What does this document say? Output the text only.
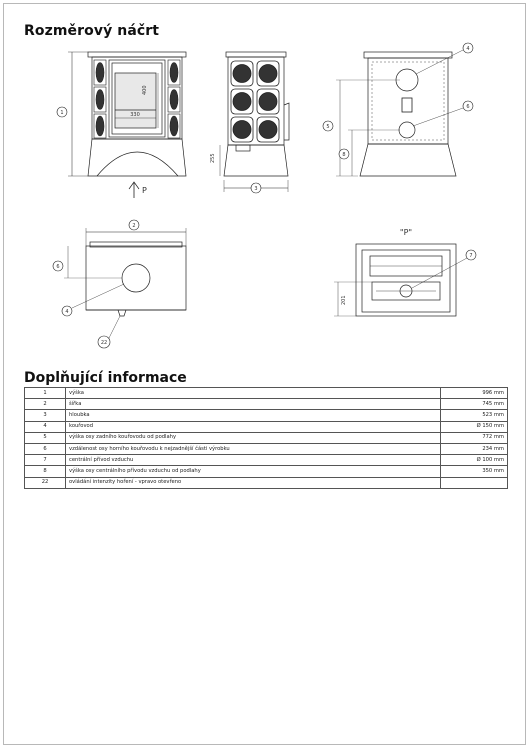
Rozměrový náčrt
1	330
400
P
255
3
4
6
5
8
2
6
4
22
"P"
201
7
Doplňující informace
1	výška	996 mm
2	šířka	745 mm
3	hloubka	523 mm
4	kouřovod	Ø 150 mm
5	výška osy zadního kouřovodu od podlahy	772 mm
6	vzdálenost osy horního kouřovodu k nejzadnější části výrobku	234 mm
7	centrální přívod vzduchu	Ø 100 mm
8	výška osy centrálního přívodu vzduchu od podlahy	350 mm
22	ovládání intenzity hoření - vpravo otevřeno	
